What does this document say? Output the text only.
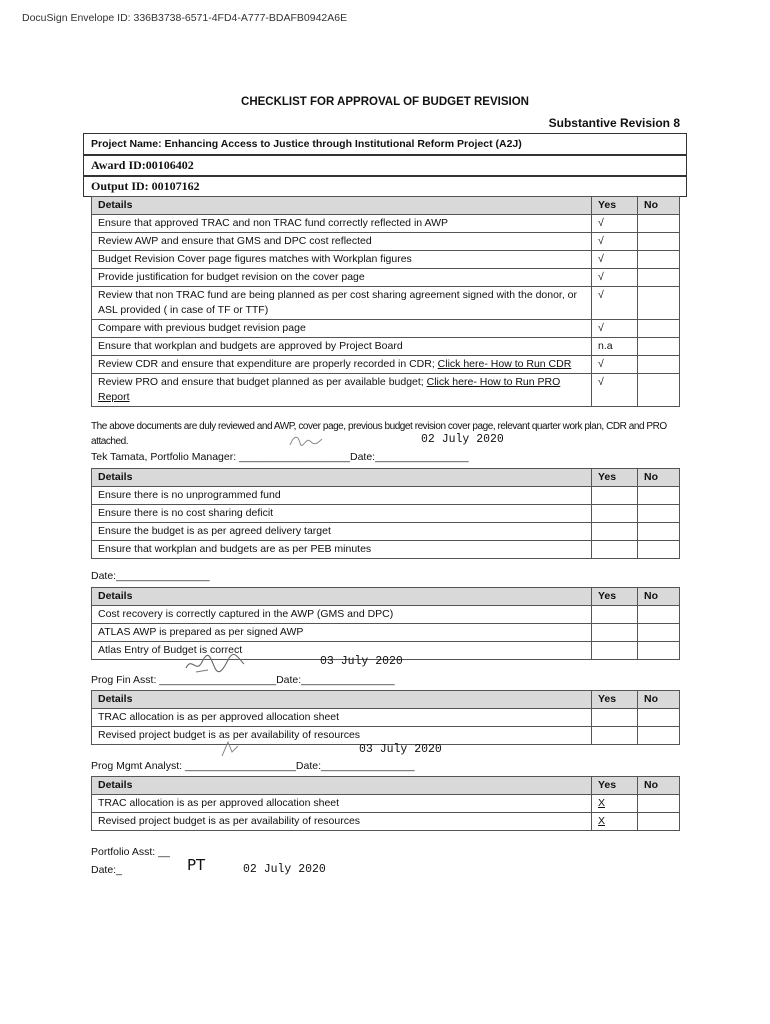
DocuSign Envelope ID: 336B3738-6571-4FD4-A777-BDAFB0942A6E
CHECKLIST FOR APPROVAL OF BUDGET REVISION
Substantive Revision 8
Project Name: Enhancing Access to Justice through Institutional Reform Project (A2J)
Award ID:00106402
Output ID: 00107162
Details	Yes	No
Ensure that approved TRAC and non TRAC fund correctly reflected in AWP	√	
Review AWP and ensure that GMS and DPC cost reflected	√	
Budget Revision Cover page figures matches with Workplan figures	√	
Provide justification for budget revision on the cover page	√	
Review that non TRAC fund are being planned as per cost sharing agreement signed with the donor, or ASL provided ( in case of TF or TTF)	√	
Compare with previous budget revision page	√	
Ensure that workplan and budgets are approved by Project Board	n.a	
Review CDR and ensure that expenditure are properly recorded in CDR; Click here- How to Run CDR	√	
Review PRO and ensure that budget planned as per available budget; Click here- How to Run PRO Report	√	
The above documents are duly reviewed and AWP, cover page, previous budget revision cover page, relevant quarter work plan, CDR and PRO attached.	02 July 2020
Tek Tamata, Portfolio Manager: ___________________Date:________________
Details	Yes	No
Ensure there is no unprogrammed fund		
Ensure there is no cost sharing deficit		
Ensure the budget is as per agreed delivery target		
Ensure that workplan and budgets are as per PEB minutes		
Date:________________
Details	Yes	No
Cost recovery is correctly captured in the AWP (GMS and DPC)		
ATLAS AWP is prepared as per signed AWP		
Atlas Entry of Budget is correct		
03 July 2020
Prog Fin Asst: ____________________Date:________________
Details	Yes	No
TRAC allocation is as per approved allocation sheet		
Revised project budget is as per availability of resources		
03 July 2020
Prog Mgmt Analyst: ___________________Date:________________
Details	Yes	No
TRAC allocation is as per approved allocation sheet	X	
Revised project budget is as per availability of resources	X	
Portfolio Asst: __
Date:_	PT	02 July 2020
